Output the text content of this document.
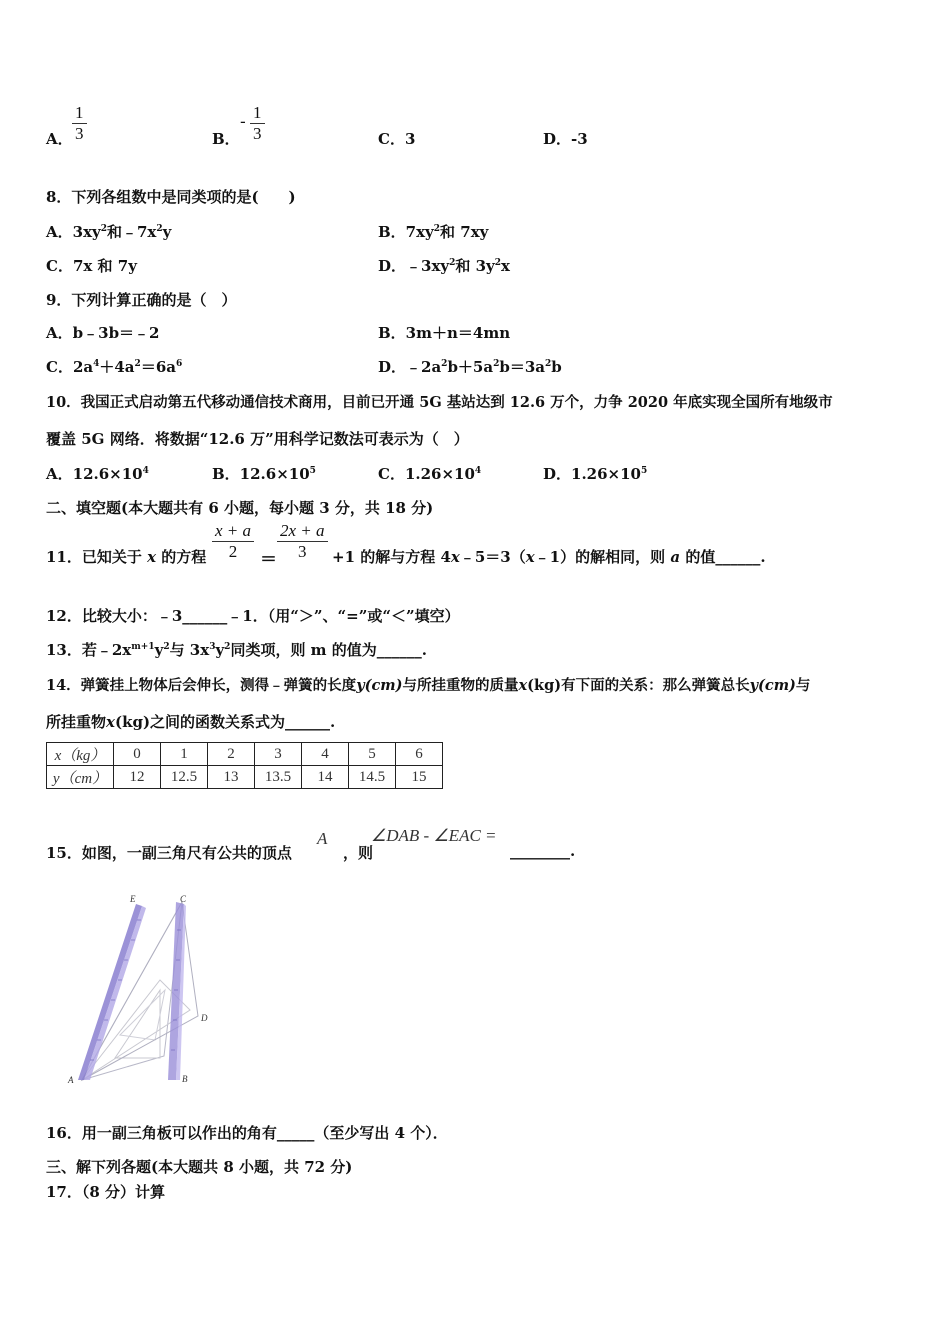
A． $\frac{1}{3}$	B．
- $\frac{1}{3}$	C．3	D．-3
8．下列各组数中是同类项的是(　　)
A．$3xy^2$和$﹣7x^2y$	B．$7xy^2$和 7xy
C．7x 和 7y	D．$﹣3xy^2$和 $3y^2x$
9．下列计算正确的是（　）
A．b﹣3b＝﹣2	B．3m＋n＝4mn
C．$2a^4+4a^2=6a^6$	D．$﹣2a^2b+5a^2b=3a^2b$
10．我国正式启动第五代移动通信技术商用，目前已开通 5G 基站达到 12.6 万个，力争 2020 年底实现全国所有地级市
覆盖 5G 网络．将数据“12.6 万”用科学记数法可表示为（　）
A．$12.6\times 10^4$	B．$12.6\times 10^5$	C．$1.26\times 10^4$	D．$1.26\times 10^5$
二、填空题(本大题共有 6 小题，每小题 3 分，共 18 分)
11．已知关于 x 的方程 $\frac{x + a}{2} = \frac{2x + a}{3} +1$ 的解与方程 4x﹣5＝3（x﹣1）的解相同，则 a 的值______.
12．比较大小：﹣3______﹣1．（用“＞”、“=”或“＜”填空）
13．若$﹣2x^{m+1}y^2$与 $3x^3y^2$同类项，则 m 的值为______.
14．弹簧挂上物体后会伸长，测得﹣弹簧的长度y(cm)与所挂重物的质量x(kg)有下面的关系：那么弹簧总长y(cm)与
所挂重物x(kg)之间的函数关系式为______.
x（kg）	0	1	2	3	4	5	6
y（cm）	12	12.5	13	13.5	14	14.5	15
15．如图，一副三角尺有公共的顶点
A
，则
∠DAB - ∠EAC =
________.
E	C
D
A	B
16．用一副三角板可以作出的角有_____（至少写出 4 个）．
三、解下列各题(本大题共 8 小题，共 72 分)
17．（8 分）计算
